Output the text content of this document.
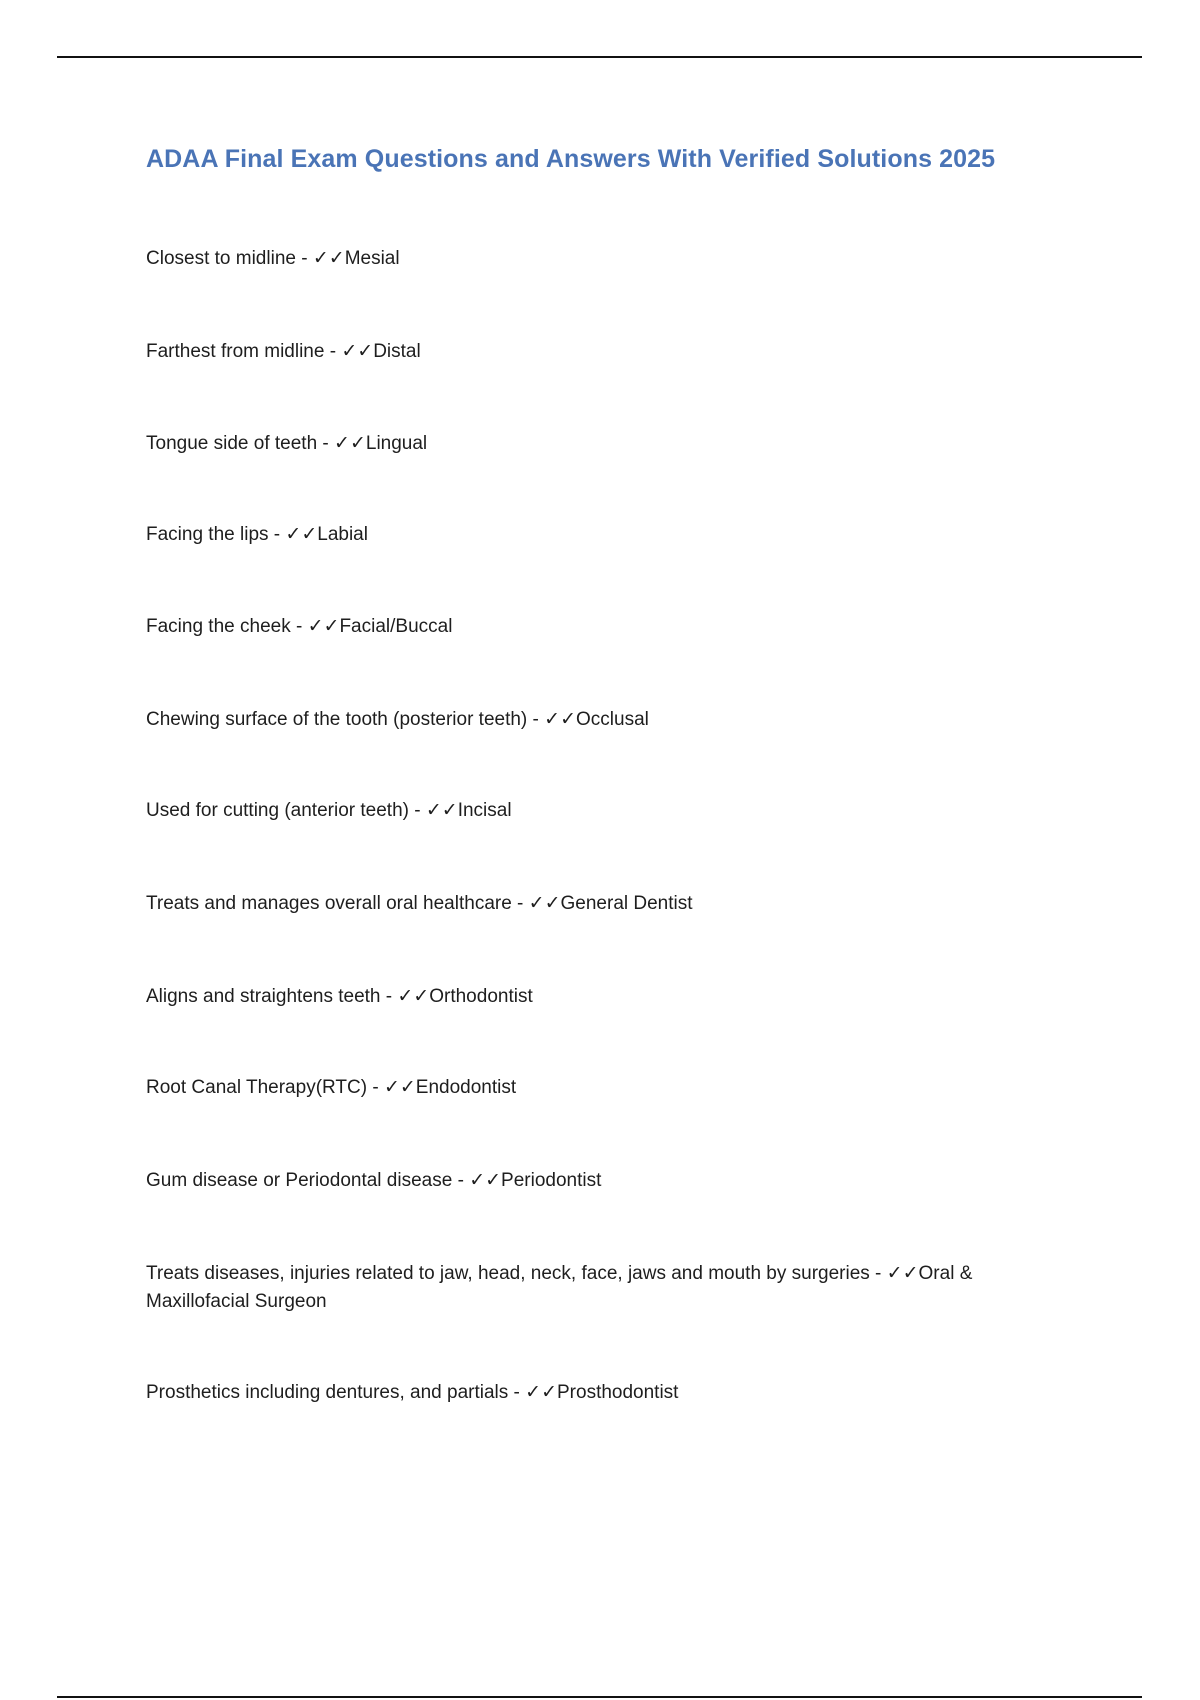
ADAA Final Exam Questions and Answers With Verified Solutions 2025

Closest to midline - ✓✓Mesial

Farthest from midline - ✓✓Distal

Tongue side of teeth - ✓✓Lingual

Facing the lips - ✓✓Labial

Facing the cheek - ✓✓Facial/Buccal

Chewing surface of the tooth (posterior teeth) - ✓✓Occlusal

Used for cutting (anterior teeth) - ✓✓Incisal

Treats and manages overall oral healthcare - ✓✓General Dentist

Aligns and straightens teeth - ✓✓Orthodontist

Root Canal Therapy(RTC) - ✓✓Endodontist

Gum disease or Periodontal disease - ✓✓Periodontist

Treats diseases, injuries related to jaw, head, neck, face, jaws and mouth by surgeries - ✓✓Oral & Maxillofacial Surgeon

Prosthetics including dentures, and partials - ✓✓Prosthodontist
